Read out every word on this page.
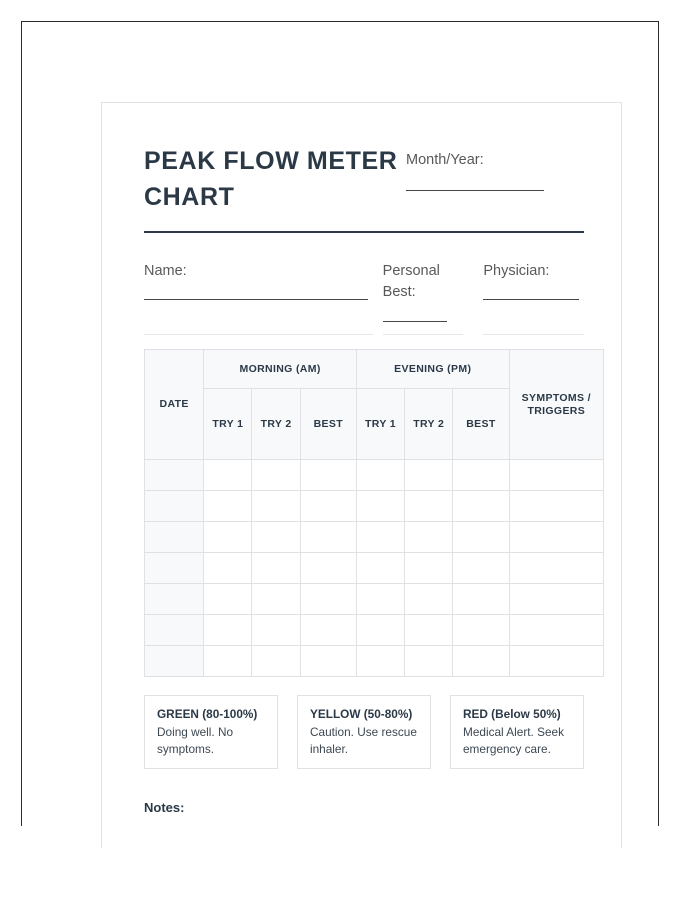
PEAK FLOW METER CHART
Month/Year:
Name:	Personal Best:
Physician:
DATE	MORNING (AM)			EVENING (PM)			SYMPTOMS / TRIGGERS
	TRY 1	TRY 2	BEST	TRY 1	TRY 2	BEST	

GREEN (80-100%)
Doing well. No symptoms.
YELLOW (50-80%)
Caution. Use rescue inhaler.
RED (Below 50%)
Medical Alert. Seek emergency care.
Notes:
